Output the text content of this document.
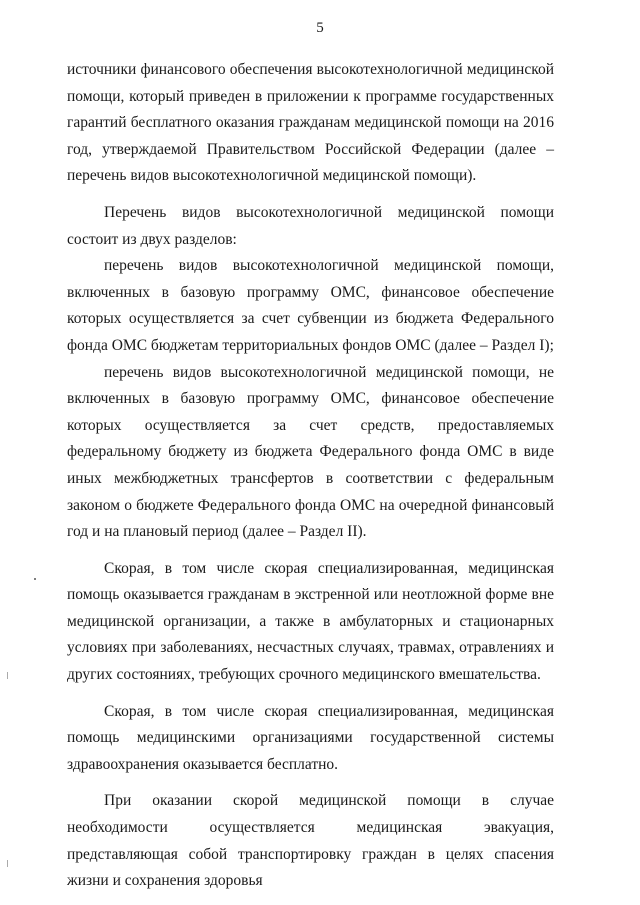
5

источники финансового обеспечения высокотехнологичной медицинской помощи, который приведен в приложении к программе государственных гарантий бесплатного оказания гражданам медицинской помощи на 2016 год, утверждаемой Правительством Российской Федерации (далее – перечень видов высокотехнологичной медицинской помощи).

Перечень видов высокотехнологичной медицинской помощи состоит из двух разделов:

перечень видов высокотехнологичной медицинской помощи, включенных в базовую программу ОМС, финансовое обеспечение которых осуществляется за счет субвенции из бюджета Федерального фонда ОМС бюджетам территориальных фондов ОМС (далее – Раздел I);

перечень видов высокотехнологичной медицинской помощи, не включенных в базовую программу ОМС, финансовое обеспечение которых осуществляется за счет средств, предоставляемых федеральному бюджету из бюджета Федерального фонда ОМС в виде иных межбюджетных трансфертов в соответствии с федеральным законом о бюджете Федерального фонда ОМС на очередной финансовый год и на плановый период (далее – Раздел II).

Скорая, в том числе скорая специализированная, медицинская помощь оказывается гражданам в экстренной или неотложной форме вне медицинской организации, а также в амбулаторных и стационарных условиях при заболеваниях, несчастных случаях, травмах, отравлениях и других состояниях, требующих срочного медицинского вмешательства.

Скорая, в том числе скорая специализированная, медицинская помощь медицинскими организациями государственной системы здравоохранения оказывается бесплатно.

При оказании скорой медицинской помощи в случае необходимости осуществляется медицинская эвакуация, представляющая собой транспортировку граждан в целях спасения жизни и сохранения здоровья
